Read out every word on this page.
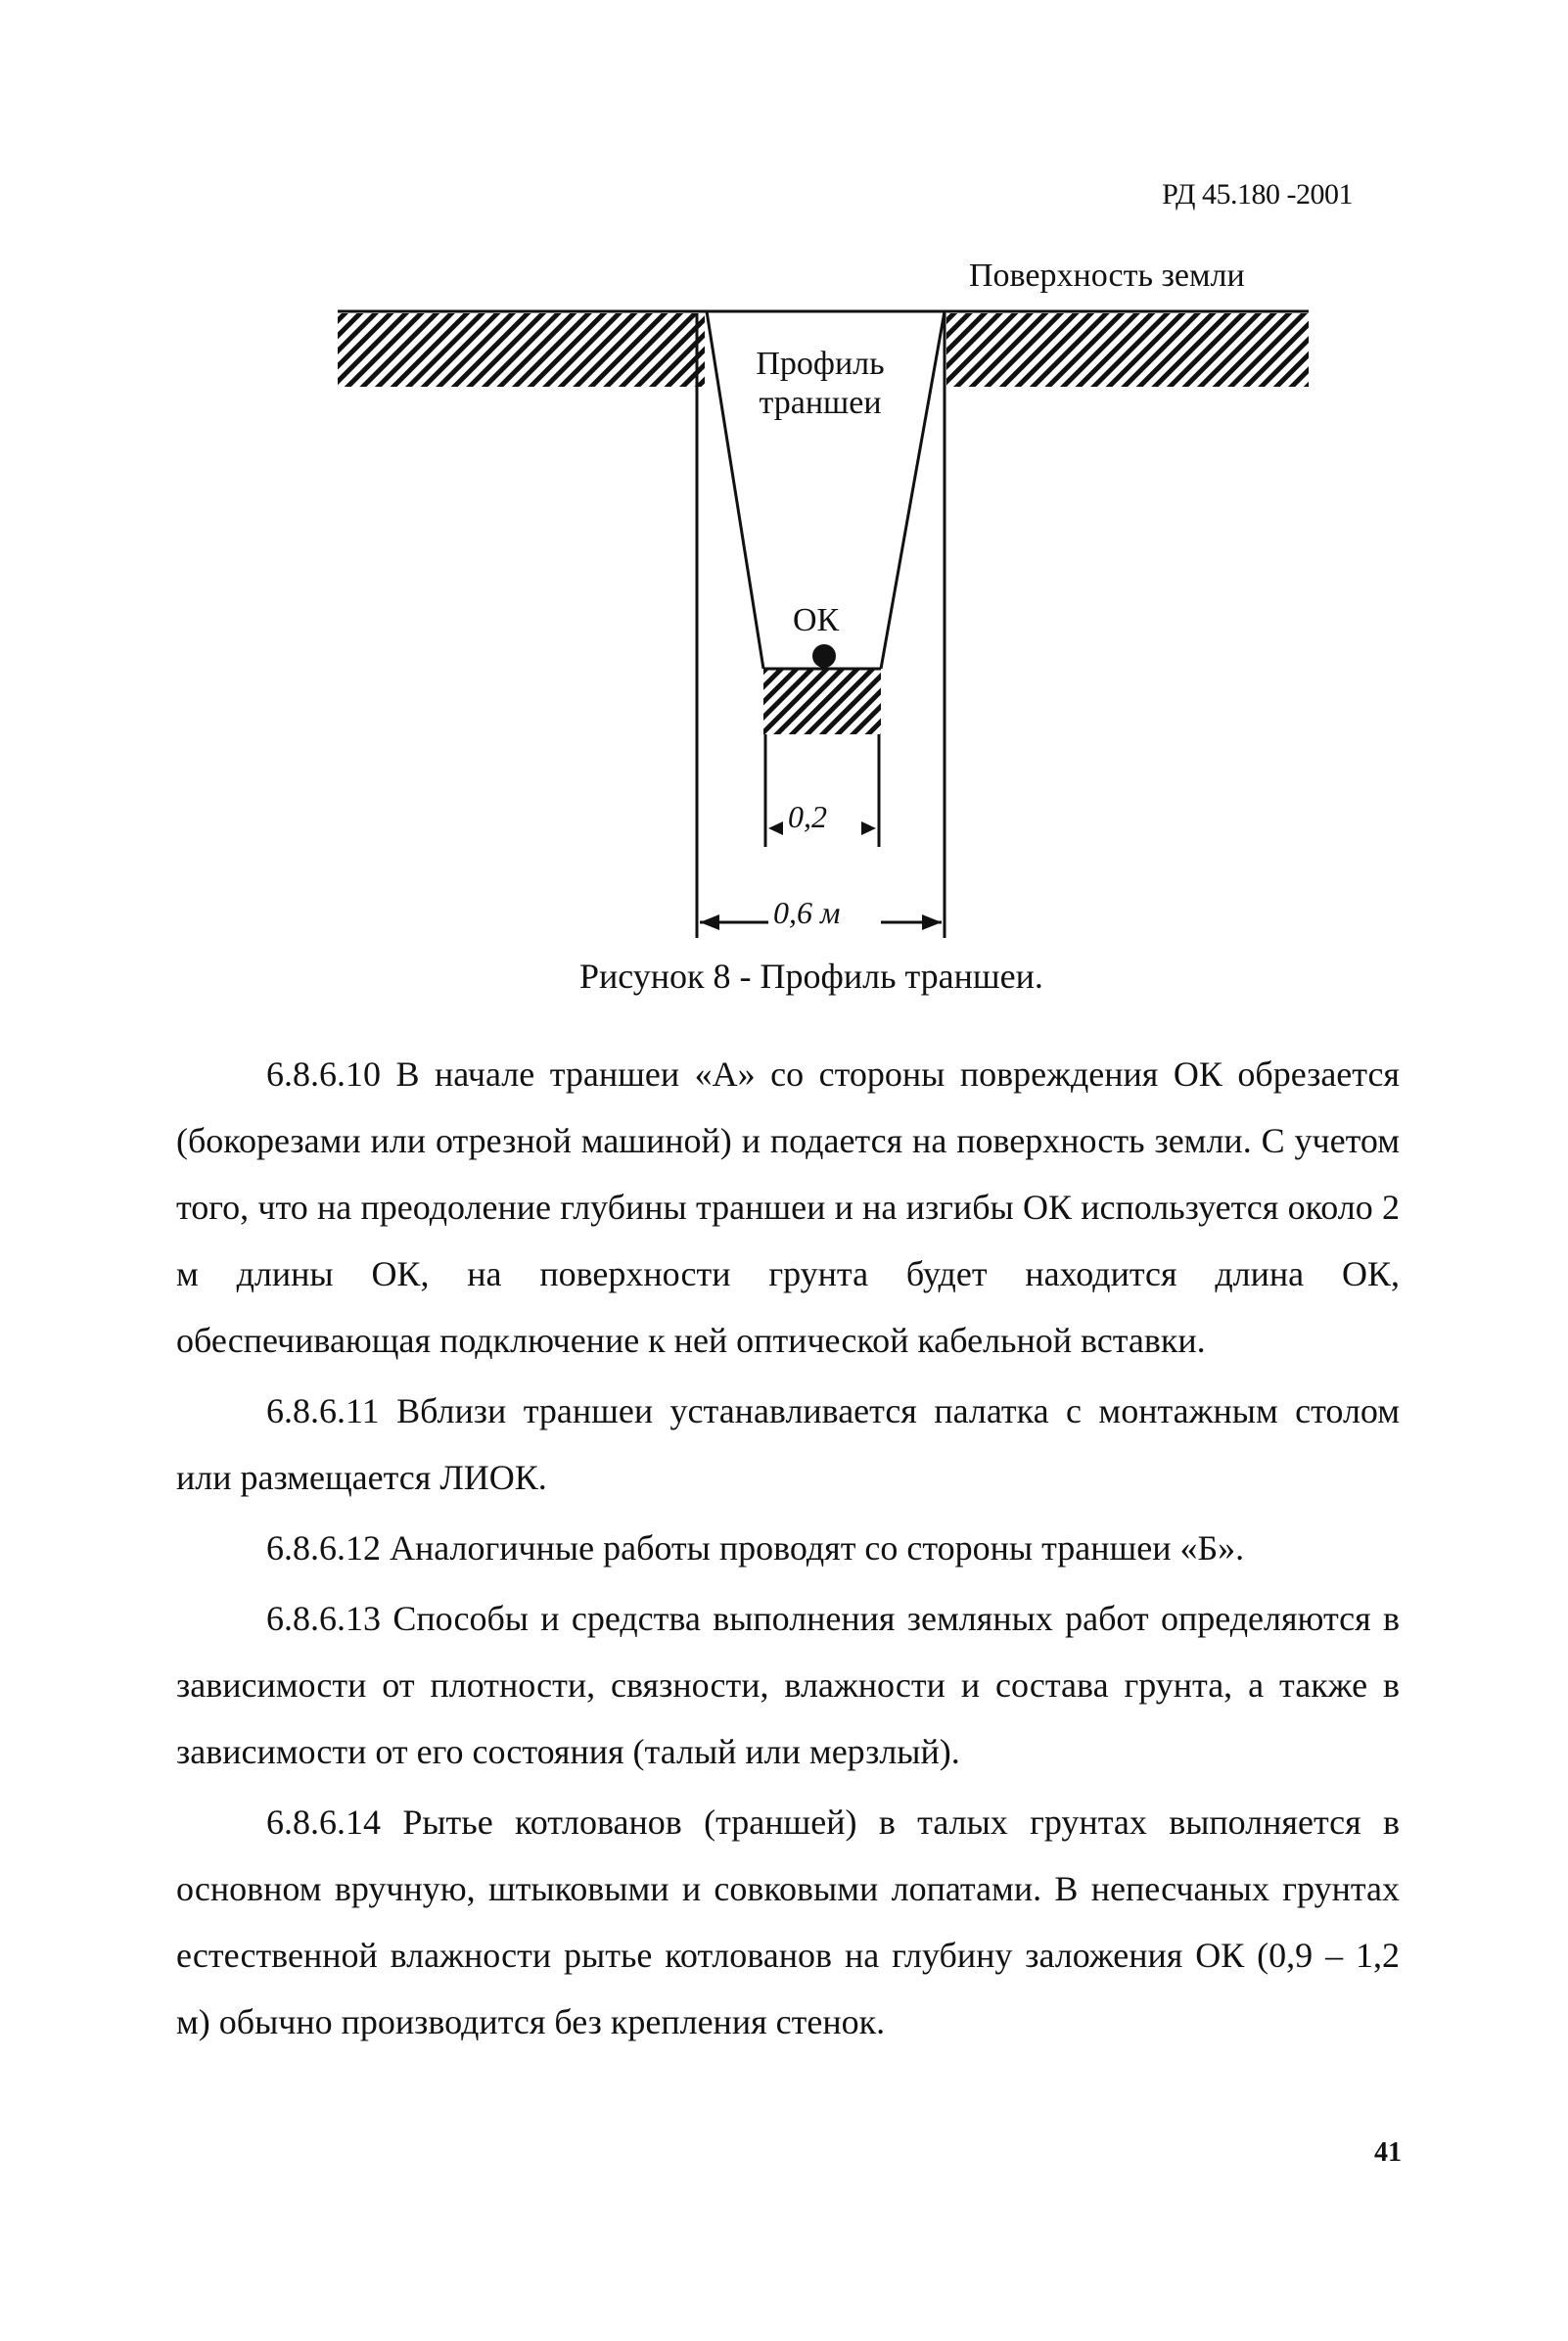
РД 45.180 -2001
Поверхность земли
Профиль траншеи
ОК
0,2
0,6 м
Рисунок 8 - Профиль траншеи.

6.8.6.10 В начале траншеи «А» со стороны повреждения ОК обрезается (бокорезами или отрезной машиной) и подается на поверхность земли. С учетом того, что на преодоление глубины траншеи и на изгибы ОК используется около 2 м длины ОК, на поверхности грунта будет находится длина ОК, обеспечивающая подключение к ней оптической кабельной вставки.

6.8.6.11 Вблизи траншеи устанавливается палатка с монтажным столом или размещается ЛИОК.

6.8.6.12 Аналогичные работы проводят со стороны траншеи «Б».

6.8.6.13 Способы и средства выполнения земляных работ определяются в зависимости от плотности, связности, влажности и состава грунта, а также в зависимости от его состояния (талый или мерзлый).

6.8.6.14 Рытье котлованов (траншей) в талых грунтах выполняется в основном вручную, штыковыми и совковыми лопатами. В непесчаных грунтах естественной влажности рытье котлованов на глубину заложения ОК (0,9 – 1,2 м) обычно производится без крепления стенок.

41
